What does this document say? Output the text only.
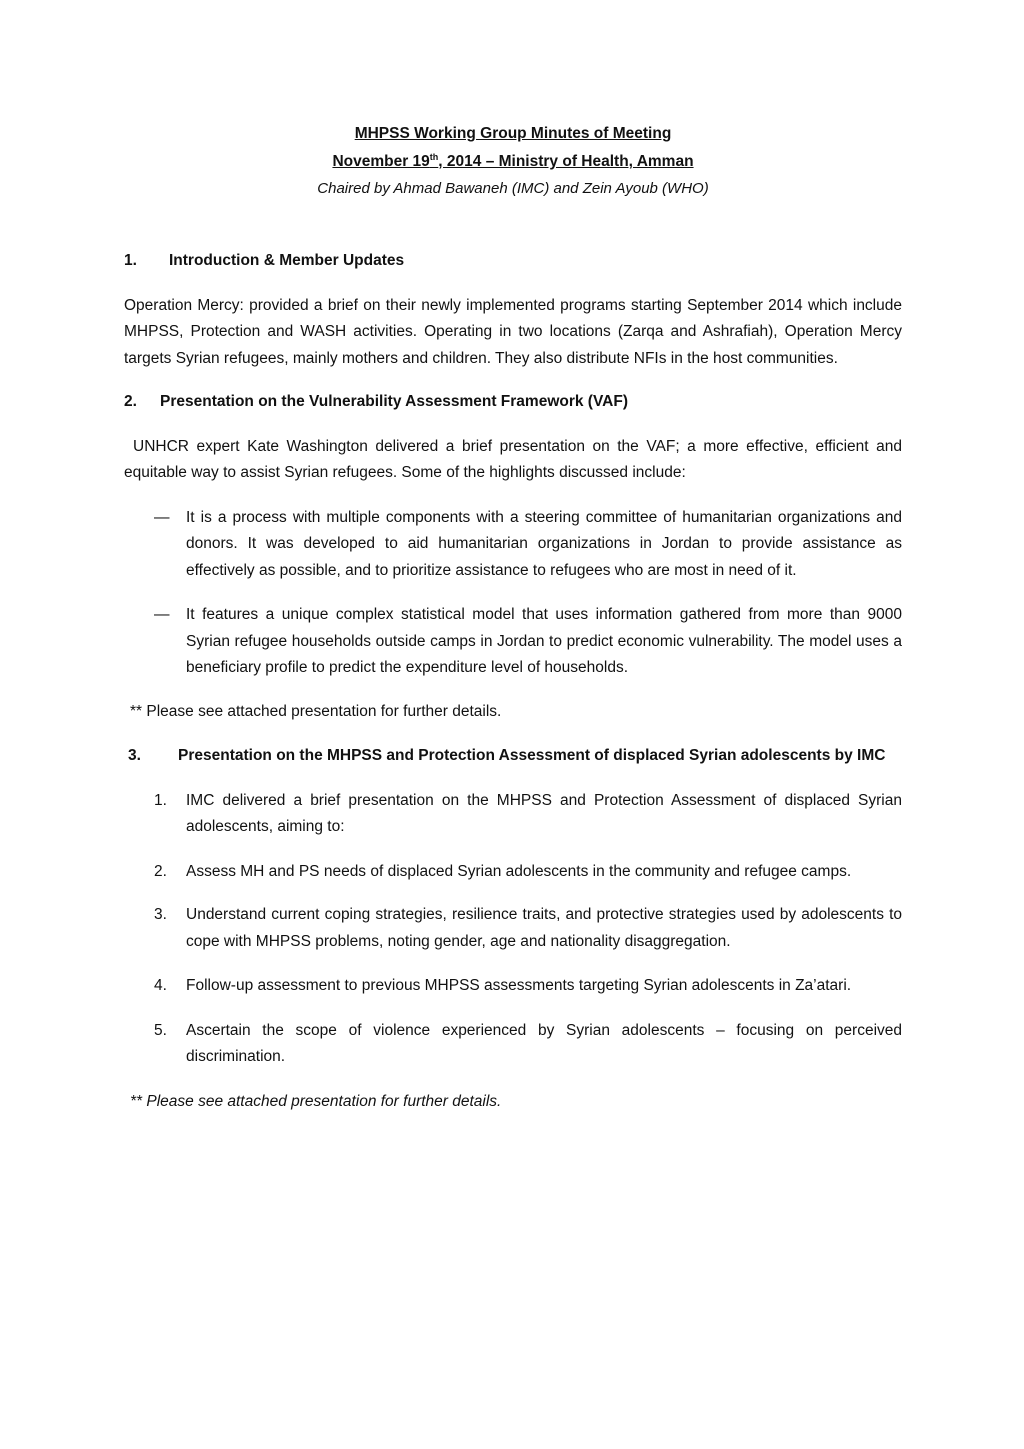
MHPSS Working Group Minutes of Meeting
November 19th, 2014 – Ministry of Health, Amman
Chaired by Ahmad Bawaneh (IMC) and Zein Ayoub (WHO)
1.	Introduction & Member Updates
Operation Mercy: provided a brief on their newly implemented programs starting September 2014 which include MHPSS, Protection and WASH activities. Operating in two locations (Zarqa and Ashrafiah), Operation Mercy targets Syrian refugees, mainly mothers and children. They also distribute NFIs in the host communities.
2.	Presentation on the Vulnerability Assessment Framework (VAF)
UNHCR expert Kate Washington delivered a brief presentation on the VAF; a more effective, efficient and equitable way to assist Syrian refugees. Some of the highlights discussed include:
—	It is a process with multiple components with a steering committee of humanitarian organizations and donors. It was developed to aid humanitarian organizations in Jordan to provide assistance as effectively as possible, and to prioritize assistance to refugees who are most in need of it.
—	It features a unique complex statistical model that uses information gathered from more than 9000 Syrian refugee households outside camps in Jordan to predict economic vulnerability. The model uses a beneficiary profile to predict the expenditure level of households.
** Please see attached presentation for further details.
3.	Presentation on the MHPSS and Protection Assessment of displaced Syrian adolescents by IMC
1.	IMC delivered a brief presentation on the MHPSS and Protection Assessment of displaced Syrian adolescents, aiming to:
2.	Assess MH and PS needs of displaced Syrian adolescents in the community and refugee camps.
3.	Understand current coping strategies, resilience traits, and protective strategies used by adolescents to cope with MHPSS problems, noting gender, age and nationality disaggregation.
4.	Follow-up assessment to previous MHPSS assessments targeting Syrian adolescents in Za’atari.
5.	Ascertain the scope of violence experienced by Syrian adolescents – focusing on perceived discrimination.
** Please see attached presentation for further details.
